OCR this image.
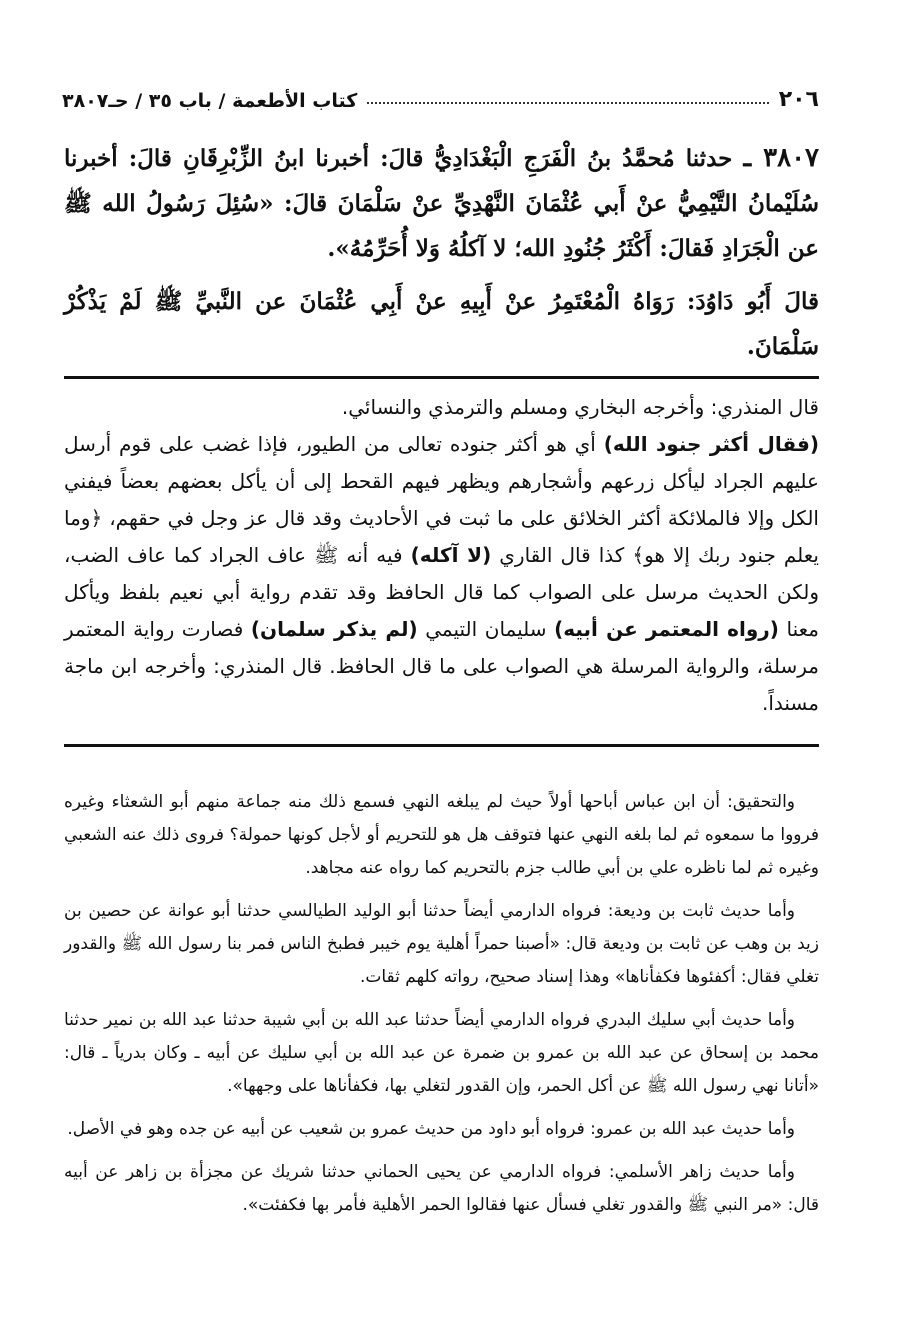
٢٠٦
كتاب الأطعمة / باب ٣٥ / حـ٣٨٠٧

٣٨٠٧ ـ حدثنا مُحمَّدُ بنُ الْفَرَجِ الْبَغْدَادِيُّ قالَ: أخبرنا ابنُ الزِّبْرِقَانِ قالَ: أخبرنا سُلَيْمانُ التَّيْمِيُّ عنْ أَبي عُثْمَانَ النَّهْدِيِّ عنْ سَلْمَانَ قالَ: «سُئِلَ رَسُولُ الله ﷺ عن الْجَرَادِ فَقالَ: أَكْثَرُ جُنُودِ الله؛ لا آكلُهُ وَلا أُحَرِّمُهُ».

قالَ أَبُو دَاوُدَ: رَوَاهُ الْمُعْتَمِرُ عنْ أَبِيهِ عنْ أَبِي عُثْمَانَ عن النَّبيِّ ﷺ لَمْ يَذْكُرْ سَلْمَانَ.

قال المنذري: وأخرجه البخاري ومسلم والترمذي والنسائي.

(فقال أكثر جنود الله) أي هو أكثر جنوده تعالى من الطيور، فإذا غضب على قوم أرسل عليهم الجراد ليأكل زرعهم وأشجارهم ويظهر فيهم القحط إلى أن يأكل بعضهم بعضاً فيفني الكل وإلا فالملائكة أكثر الخلائق على ما ثبت في الأحاديث وقد قال عز وجل في حقهم، ﴿وما يعلم جنود ربك إلا هو﴾ كذا قال القاري (لا آكله) فيه أنه ﷺ عاف الجراد كما عاف الضب، ولكن الحديث مرسل على الصواب كما قال الحافظ وقد تقدم رواية أبي نعيم بلفظ ويأكل معنا (رواه المعتمر عن أبيه) سليمان التيمي (لم يذكر سلمان) فصارت رواية المعتمر مرسلة، والرواية المرسلة هي الصواب على ما قال الحافظ. قال المنذري: وأخرجه ابن ماجة مسنداً.

والتحقيق: أن ابن عباس أباحها أولاً حيث لم يبلغه النهي فسمع ذلك منه جماعة منهم أبو الشعثاء وغيره فرووا ما سمعوه ثم لما بلغه النهي عنها فتوقف هل هو للتحريم أو لأجل كونها حمولة؟ فروى ذلك عنه الشعبي وغيره ثم لما ناظره علي بن أبي طالب جزم بالتحريم كما رواه عنه مجاهد.

وأما حديث ثابت بن وديعة: فرواه الدارمي أيضاً حدثنا أبو الوليد الطيالسي حدثنا أبو عوانة عن حصين بن زيد بن وهب عن ثابت بن وديعة قال: «أصبنا حمراً أهلية يوم خيبر فطبخ الناس فمر بنا رسول الله ﷺ والقدور تغلي فقال: أكفئوها فكفأناها» وهذا إسناد صحيح، رواته كلهم ثقات.

وأما حديث أبي سليك البدري فرواه الدارمي أيضاً حدثنا عبد الله بن أبي شيبة حدثنا عبد الله بن نمير حدثنا محمد بن إسحاق عن عبد الله بن عمرو بن ضمرة عن عبد الله بن أبي سليك عن أبيه ـ وكان بدرياً ـ قال: «أتانا نهي رسول الله ﷺ عن أكل الحمر، وإن القدور لتغلي بها، فكفأناها على وجهها».

وأما حديث عبد الله بن عمرو: فرواه أبو داود من حديث عمرو بن شعيب عن أبيه عن جده وهو في الأصل.

وأما حديث زاهر الأسلمي: فرواه الدارمي عن يحيى الحماني حدثنا شريك عن مجزأة بن زاهر عن أبيه قال: «مر النبي ﷺ والقدور تغلي فسأل عنها فقالوا الحمر الأهلية فأمر بها فكفئت».
